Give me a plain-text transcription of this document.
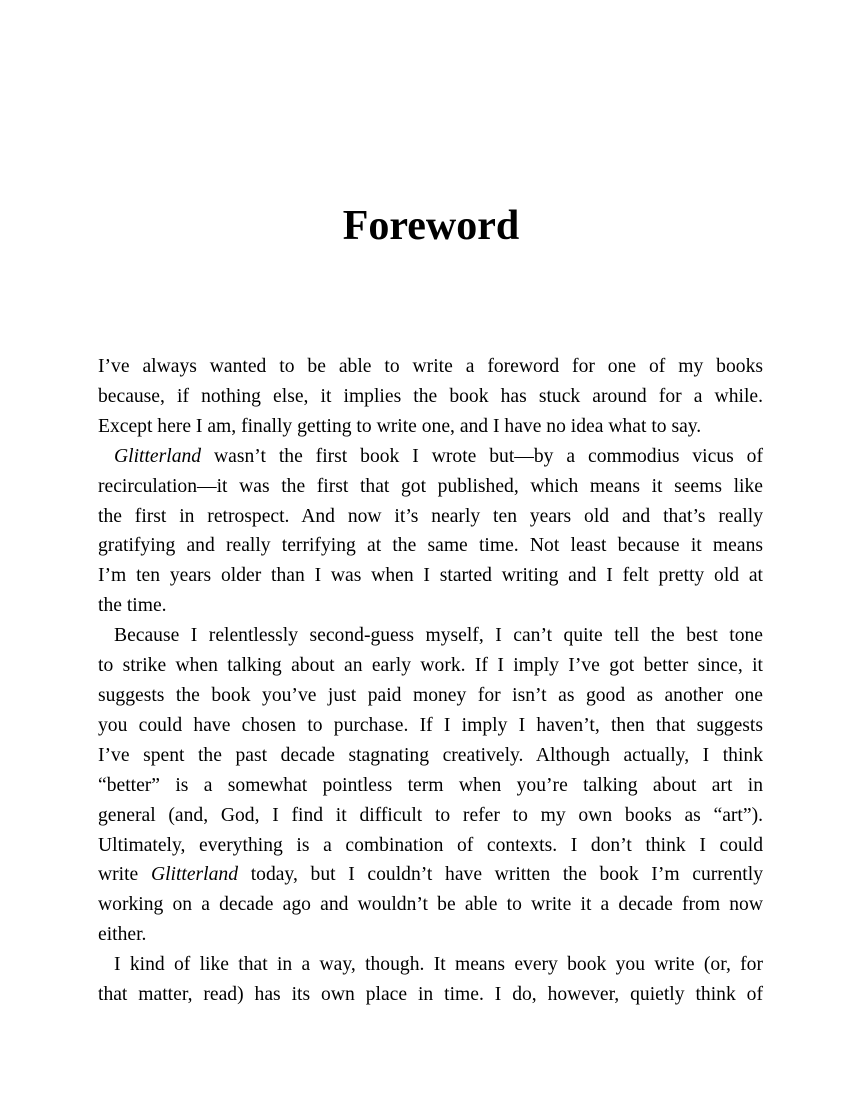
Foreword

I’ve always wanted to be able to write a foreword for one of my books
because, if nothing else, it implies the book has stuck around for a while.
Except here I am, finally getting to write one, and I have no idea what to say.

Glitterland wasn’t the first book I wrote but—by a commodius vicus of
recirculation—it was the first that got published, which means it seems like
the first in retrospect. And now it’s nearly ten years old and that’s really
gratifying and really terrifying at the same time. Not least because it means
I’m ten years older than I was when I started writing and I felt pretty old at
the time.

Because I relentlessly second-guess myself, I can’t quite tell the best tone
to strike when talking about an early work. If I imply I’ve got better since, it
suggests the book you’ve just paid money for isn’t as good as another one
you could have chosen to purchase. If I imply I haven’t, then that suggests
I’ve spent the past decade stagnating creatively. Although actually, I think
“better” is a somewhat pointless term when you’re talking about art in
general (and, God, I find it difficult to refer to my own books as “art”).
Ultimately, everything is a combination of contexts. I don’t think I could
write Glitterland today, but I couldn’t have written the book I’m currently
working on a decade ago and wouldn’t be able to write it a decade from now
either.

I kind of like that in a way, though. It means every book you write (or, for
that matter, read) has its own place in time. I do, however, quietly think of
